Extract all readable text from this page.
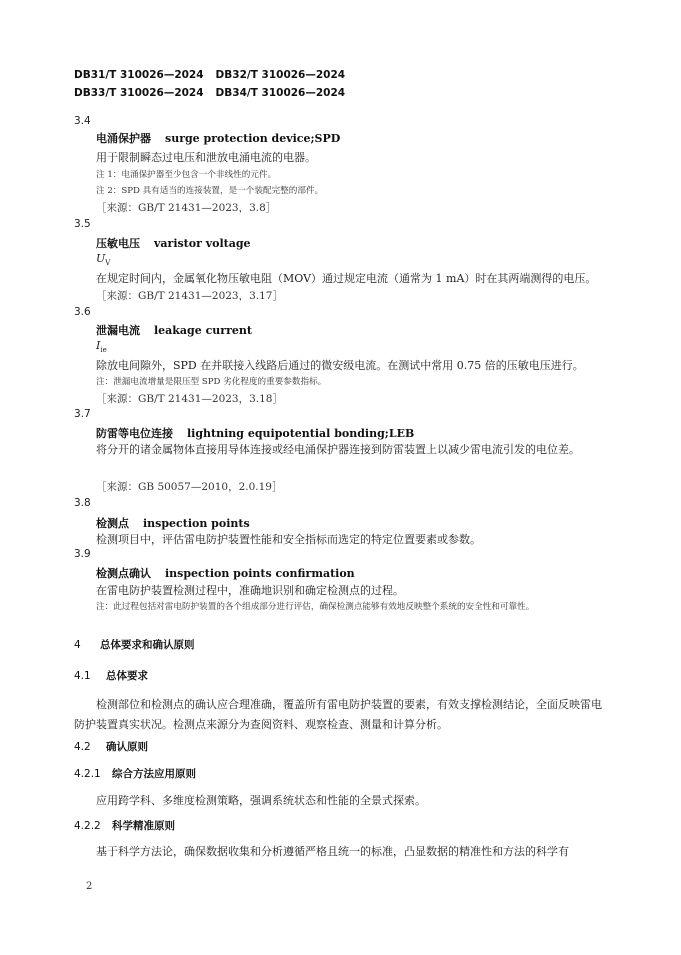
DB31/T 310026—2024 DB32/T 310026—2024
DB33/T 310026—2024 DB34/T 310026—2024
3.4
电涌保护器 surge protection device;SPD
用于限制瞬态过电压和泄放电涌电流的电器。
注 1：电涌保护器至少包含一个非线性的元件。
注 2：SPD 具有适当的连接装置，是一个装配完整的部件。
［来源：GB/T 21431—2023，3.8］
3.5
压敏电压 varistor voltage
$U_V$
在规定时间内，金属氧化物压敏电阻（MOV）通过规定电流（通常为 1 mA）时在其两端测得的电压。
［来源：GB/T 21431—2023，3.17］
3.6
泄漏电流 leakage current
$I_{ie}$
除放电间隙外，SPD 在并联接入线路后通过的微安级电流。在测试中常用 0.75 倍的压敏电压进行。
注：泄漏电流增量是限压型 SPD 劣化程度的重要参数指标。
［来源：GB/T 21431—2023，3.18］
3.7
防雷等电位连接 lightning equipotential bonding;LEB
将分开的诸金属物体直接用导体连接或经电涌保护器连接到防雷装置上以减少雷电流引发的电位差。
［来源：GB 50057—2010，2.0.19］
3.8
检测点 inspection points
检测项目中，评估雷电防护装置性能和安全指标而选定的特定位置要素或参数。
3.9
检测点确认 inspection points confirmation
在雷电防护装置检测过程中，准确地识别和确定检测点的过程。
注：此过程包括对雷电防护装置的各个组成部分进行评估，确保检测点能够有效地反映整个系统的安全性和可靠性。
4 总体要求和确认原则
4.1 总体要求
检测部位和检测点的确认应合理准确，覆盖所有雷电防护装置的要素，有效支撑检测结论，全面反映雷电防护装置真实状况。检测点来源分为查阅资料、观察检查、测量和计算分析。
4.2 确认原则
4.2.1 综合方法应用原则
应用跨学科、多维度检测策略，强调系统状态和性能的全景式探索。
4.2.2 科学精准原则
基于科学方法论，确保数据收集和分析遵循严格且统一的标准，凸显数据的精准性和方法的科学有
2
